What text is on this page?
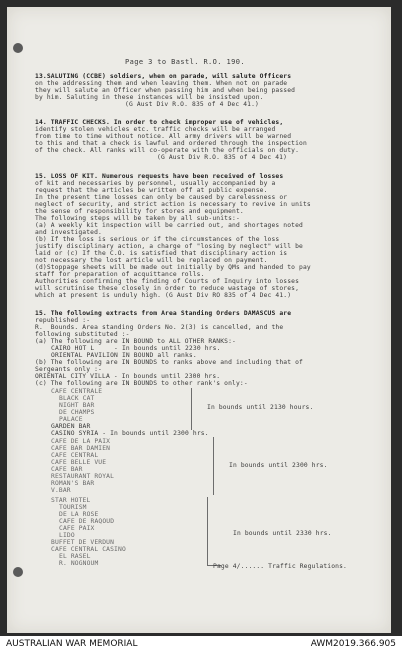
Page 3 to Bastl. R.O. 190.
13.SALUTING (CCBE) soldiers, when on parade, will salute Officers
on the addressing them and when leaving them. When not on parade
they will salute an Officer when passing him and when being passed
by him. Saluting in these instances will be insisted upon.
(G Aust Div R.O. 835 of 4 Dec 41.)
14. TRAFFIC CHECKS. In order to check improper use of vehicles,
identify stolen vehicles etc. traffic checks will be arranged
from time to time without notice. All army drivers will be warned
to this and that a check is lawful and ordered through the inspection
of the check. All ranks will co-operate with the officials on duty.
(G Aust Div R.O. 835 of 4 Dec 41)
15. LOSS OF KIT. Numerous requests have been received of losses
of kit and necessaries by personnel, usually accompanied by a
request that the articles be written off at public expense.
In the present time losses can only be caused by carelessness or
neglect of security, and strict action is necessary to revive in units
the sense of responsibility for stores and equipment.
The following steps will be taken by all sub-units:-
(a) A weekly kit inspection will be carried out, and shortages noted
and investigated.
(b) If the loss is serious or if the circumstances of the loss
justify disciplinary action, a charge of "losing by neglect" will be
laid or (c) If the C.O. is satisfied that disciplinary action is
not necessary the lost article will be replaced on payment.
(d)Stoppage sheets will be made out initially by QMs and handed to pay
staff for preparation of acquittance rolls.
Authorities confirming the finding of Courts of Inquiry into losses
will scrutinise these closely in order to reduce wastage of stores,
which at present is unduly high. (G Aust Div RO 835 of 4 Dec 41.)
15. The following extracts from Area Standing Orders DAMASCUS are
republished :-
R.  Bounds. Area standing Orders No. 2(3) is cancelled, and the
following substituted :-
(a) The following are IN BOUND to ALL OTHER RANKS:-
CAIRO HOT L     - In bounds until 2230 hrs.
ORIENTAL PAVILION IN BOUND all ranks.
(b) The following are IN BOUNDS to ranks above and including that of
Sergeants only :-
ORIENTAL CITY VILLA - In bounds until 2300 hrs.
(c) The following are IN BOUNDS to other rank's only:-
CAFE CENTRALE
BLACK CAT
NIGHT BAR
DE CHAMPS
PALACE
GARDEN BAR
In bounds until 2130 hours.
CASINO SYRIA - In bounds until 2300 hrs.
CAFE DE LA PAIX
CAFE BAR DAMIEN
CAFE CENTRAL
CAFE BELLE VUE
CAFE BAR
RESTAURANT ROYAL
ROMAN'S BAR
V.BAR
In bounds until 2300 hrs.
STAR HOTEL
TOURISM
DE LA ROSE
CAFE DE RAQOUD
CAFE PAIX
LIDO
BUFFET DE VERDUN
CAFE CENTRAL CASINO
EL RASEL
R. NOGNOUM
In bounds until 2330 hrs.
Page 4/...... Traffic Regulations.
AUSTRALIAN WAR MEMORIAL	AWM2019.366.905
